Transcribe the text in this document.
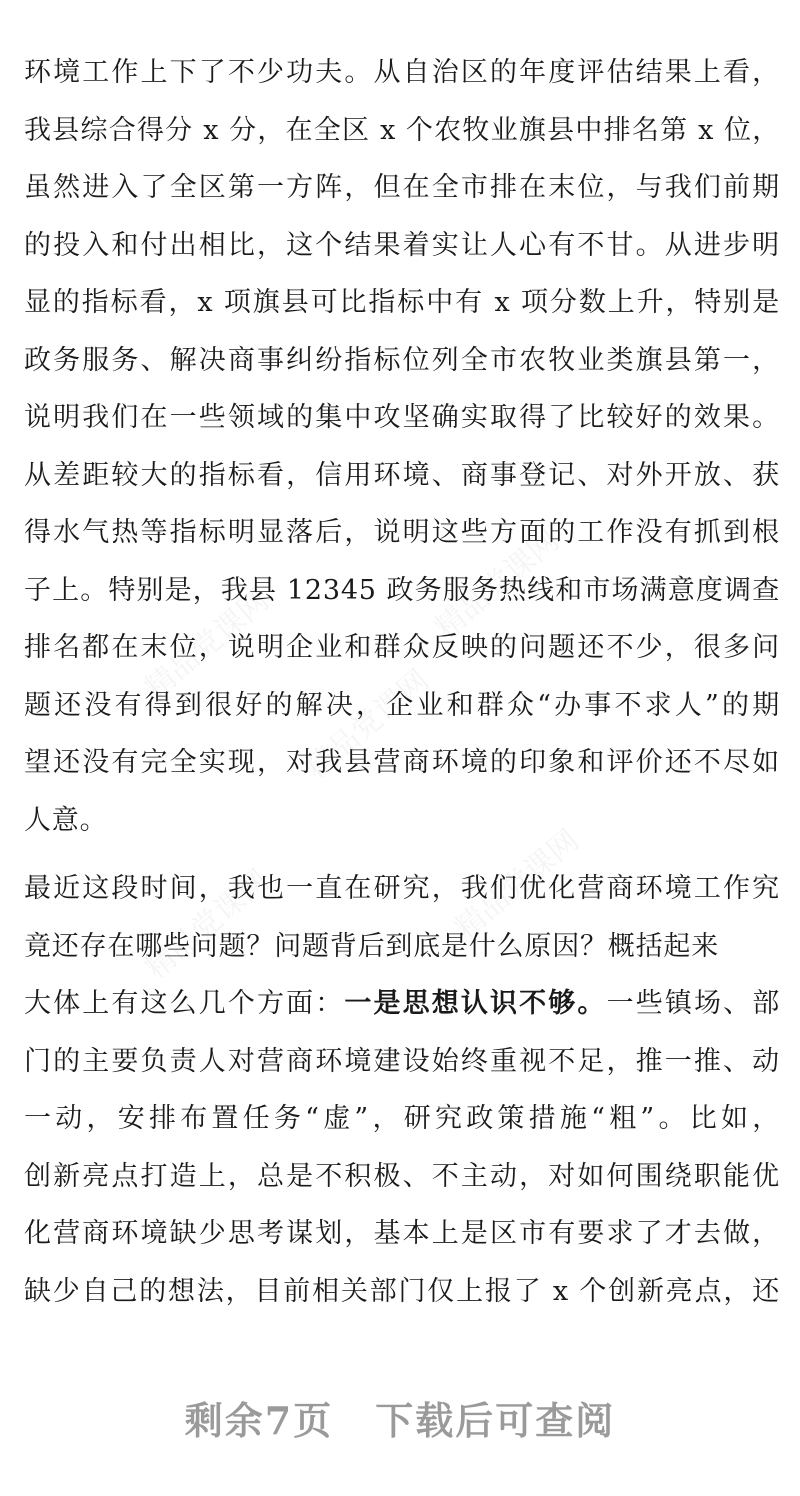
环境工作上下了不少功夫。从自治区的年度评估结果上看，
我县综合得分 x 分，在全区 x 个农牧业旗县中排名第 x 位，
虽然进入了全区第一方阵，但在全市排在末位，与我们前期
的投入和付出相比，这个结果着实让人心有不甘。从进步明
显的指标看，x 项旗县可比指标中有 x 项分数上升，特别是
政务服务、解决商事纠纷指标位列全市农牧业类旗县第一，
说明我们在一些领域的集中攻坚确实取得了比较好的效果。
从差距较大的指标看，信用环境、商事登记、对外开放、获
得水气热等指标明显落后，说明这些方面的工作没有抓到根
子上。特别是，我县 12345 政务服务热线和市场满意度调查
排名都在末位，说明企业和群众反映的问题还不少，很多问
题还没有得到很好的解决，企业和群众“办事不求人”的期
望还没有完全实现，对我县营商环境的印象和评价还不尽如
人意。
最近这段时间，我也一直在研究，我们优化营商环境工作究
竟还存在哪些问题？问题背后到底是什么原因？概括起来
大体上有这么几个方面：一是思想认识不够。一些镇场、部
门的主要负责人对营商环境建设始终重视不足，推一推、动
一动，安排布置任务“虚”，研究政策措施“粗”。比如，
创新亮点打造上，总是不积极、不主动，对如何围绕职能优
化营商环境缺少思考谋划，基本上是区市有要求了才去做，
缺少自己的想法，目前相关部门仅上报了 x 个创新亮点，还
剩余7页 下载后可查阅
